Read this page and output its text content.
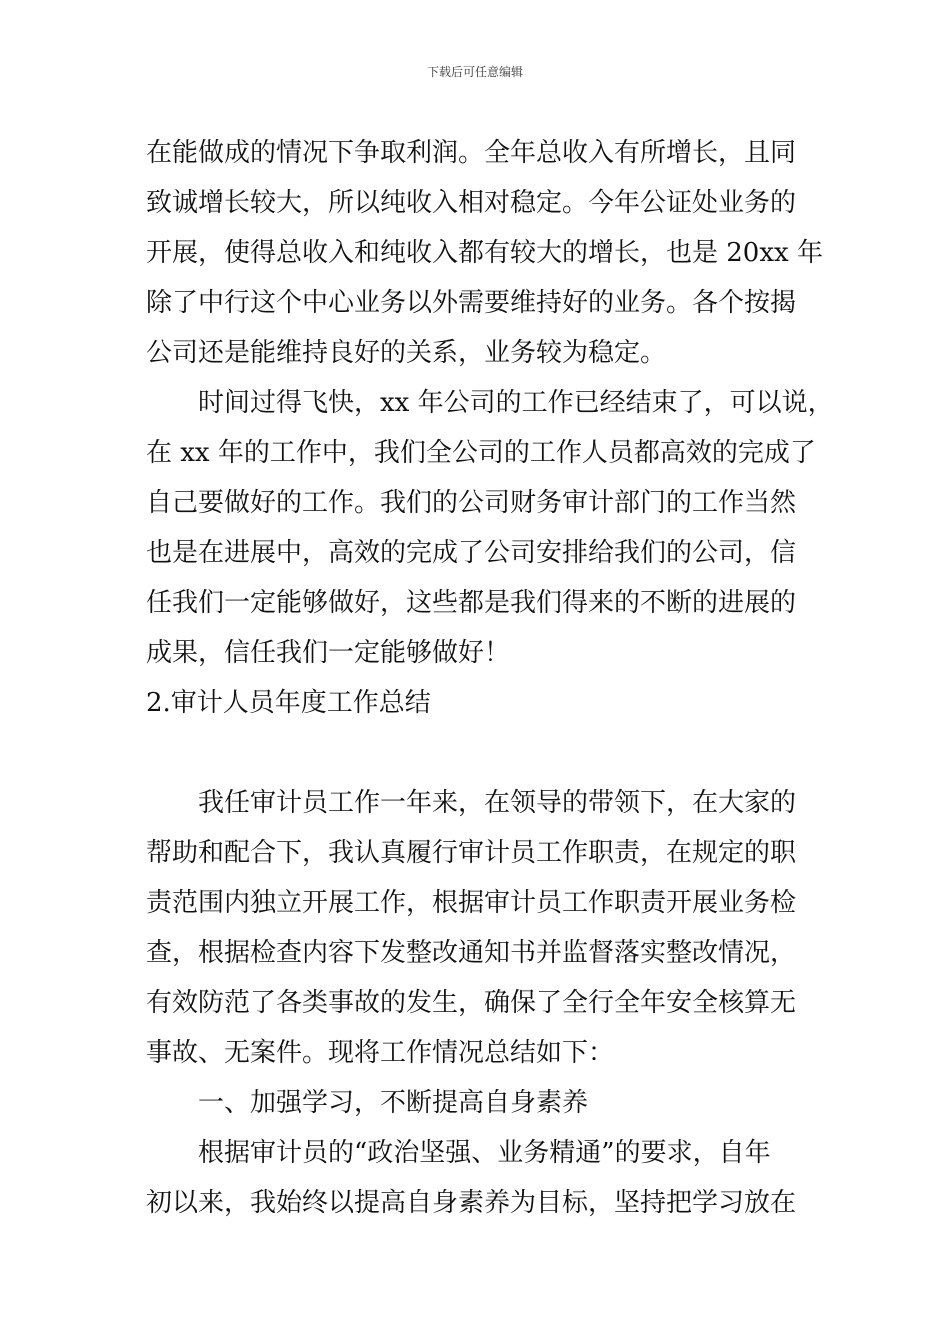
下载后可任意编辑
在能做成的情况下争取利润。全年总收入有所增长，且同
致诚增长较大，所以纯收入相对稳定。今年公证处业务的
开展，使得总收入和纯收入都有较大的增长，也是 20xx 年
除了中行这个中心业务以外需要维持好的业务。各个按揭
公司还是能维持良好的关系，业务较为稳定。
时间过得飞快，xx 年公司的工作已经结束了，可以说，
在 xx 年的工作中，我们全公司的工作人员都高效的完成了
自己要做好的工作。我们的公司财务审计部门的工作当然
也是在进展中，高效的完成了公司安排给我们的公司，信
任我们一定能够做好，这些都是我们得来的不断的进展的
成果，信任我们一定能够做好！
2.审计人员年度工作总结
我任审计员工作一年来，在领导的带领下，在大家的
帮助和配合下，我认真履行审计员工作职责，在规定的职
责范围内独立开展工作，根据审计员工作职责开展业务检
查，根据检查内容下发整改通知书并监督落实整改情况，
有效防范了各类事故的发生，确保了全行全年安全核算无
事故、无案件。现将工作情况总结如下：
一、加强学习，不断提高自身素养
根据审计员的“政治坚强、业务精通”的要求，自年
初以来，我始终以提高自身素养为目标，坚持把学习放在
